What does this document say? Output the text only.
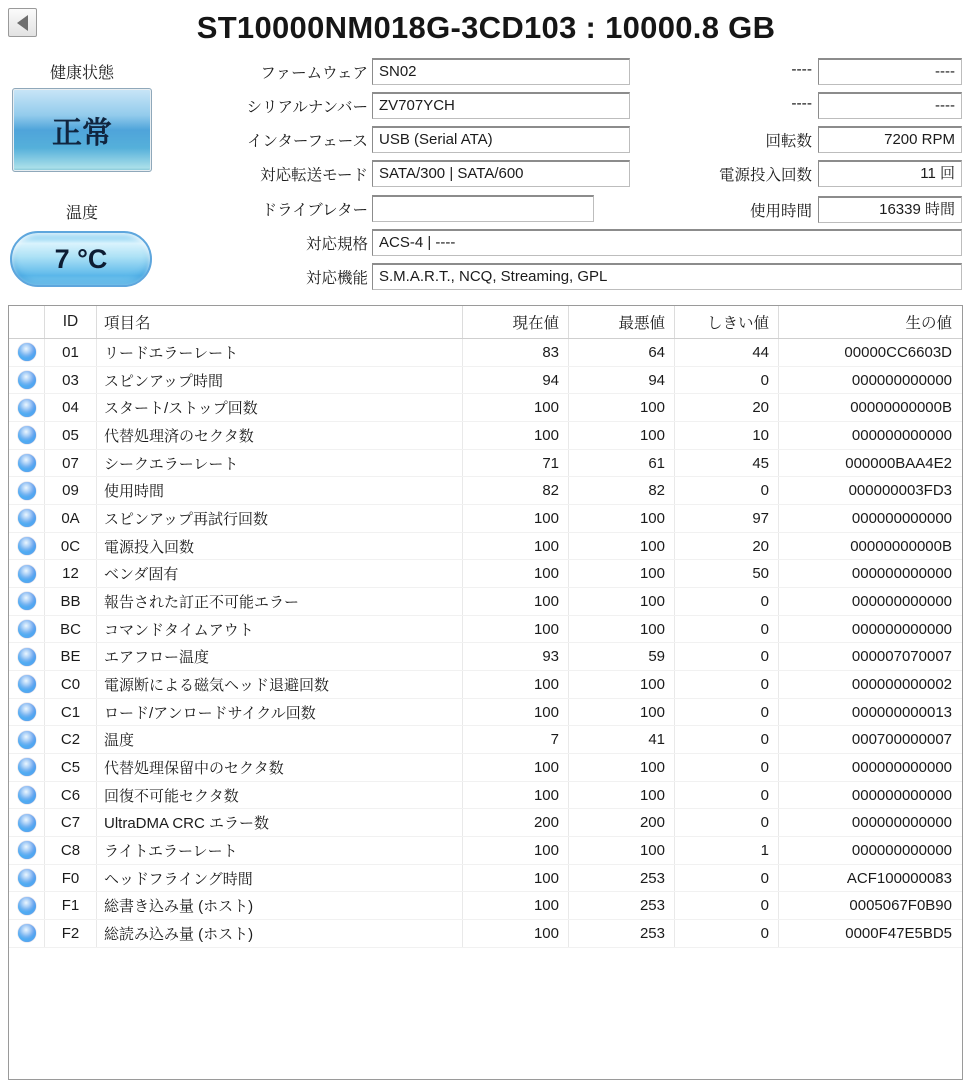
ST10000NM018G-3CD103 : 10000.8 GB
健康状態
正常
温度
7 °C
ファームウェア SN02
シリアルナンバー ZV707YCH
インターフェース USB (Serial ATA)
対応転送モード SATA/300 | SATA/600
ドライブレター
対応規格 ACS-4 | ----
対応機能 S.M.A.R.T., NCQ, Streaming, GPL
----	----
----	----
回転数	7200 RPM
電源投入回数	11 回
使用時間	16339 時間
ID	項目名	現在値	最悪値	しきい値	生の値
01	リードエラーレート	83	64	44	00000CC6603D
03	スピンアップ時間	94	94	0	000000000000
04	スタート/ストップ回数	100	100	20	00000000000B
05	代替処理済のセクタ数	100	100	10	000000000000
07	シークエラーレート	71	61	45	000000BAA4E2
09	使用時間	82	82	0	000000003FD3
0A	スピンアップ再試行回数	100	100	97	000000000000
0C	電源投入回数	100	100	20	00000000000B
12	ベンダ固有	100	100	50	000000000000
BB	報告された訂正不可能エラー	100	100	0	000000000000
BC	コマンドタイムアウト	100	100	0	000000000000
BE	エアフロー温度	93	59	0	000007070007
C0	電源断による磁気ヘッド退避回数	100	100	0	000000000002
C1	ロード/アンロードサイクル回数	100	100	0	000000000013
C2	温度	7	41	0	000700000007
C5	代替処理保留中のセクタ数	100	100	0	000000000000
C6	回復不可能セクタ数	100	100	0	000000000000
C7	UltraDMA CRC エラー数	200	200	0	000000000000
C8	ライトエラーレート	100	100	1	000000000000
F0	ヘッドフライング時間	100	253	0	ACF100000083
F1	総書き込み量 (ホスト)	100	253	0	0005067F0B90
F2	総読み込み量 (ホスト)	100	253	0	0000F47E5BD5
